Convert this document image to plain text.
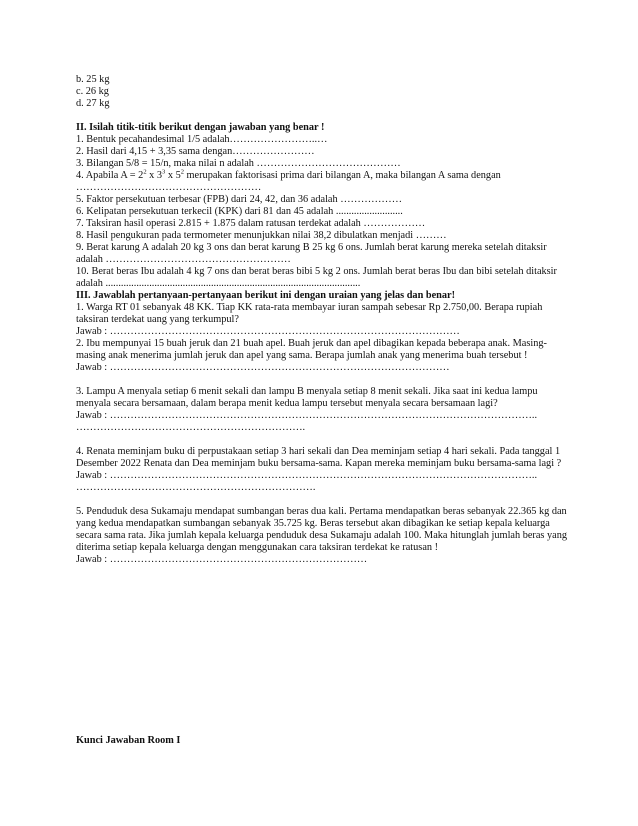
b. 25 kg
c. 26 kg
d. 27 kg
II. Isilah titik-titik berikut dengan jawaban yang benar !
1. Bentuk pecahandesimal 1/5 adalah……………………..…
2. Hasil dari 4,15 + 3,35 sama dengan……………………
3. Bilangan 5/8 = 15/n, maka nilai n adalah ……………………………………
4. Apabila $A = 2^2$ x $3^3$ x $5^2$ merupakan faktorisasi prima dari bilangan A, maka bilangan A sama dengan
………………………………………………
5. Faktor persekutuan terbesar (FPB) dari 24, 42, dan 36 adalah ………………
6. Kelipatan persekutuan terkecil (KPK) dari 81 dan 45 adalah ..........................
7. Taksiran hasil operasi 2.815 + 1.875 dalam ratusan terdekat adalah ………………
8. Hasil pengukuran pada termometer menunjukkan nilai 38,2 dibulatkan menjadi ………
9. Berat karung A adalah 20 kg 3 ons dan berat karung B 25 kg 6 ons. Jumlah berat karung mereka setelah ditaksir adalah ………………………………………………
10. Berat beras Ibu adalah 4 kg 7 ons dan berat beras bibi 5 kg 2 ons. Jumlah berat beras Ibu dan bibi setelah ditaksir adalah ...................................................................................................
III. Jawablah pertanyaan-pertanyaan berikut ini dengan uraian yang jelas dan benar!
1. Warga RT 01 sebanyak 48 KK. Tiap KK rata-rata membayar iuran sampah sebesar Rp 2.750,00. Berapa rupiah taksiran terdekat uang yang terkumpul?
Jawab : …………………………………………………………………………………………
2. Ibu mempunyai 15 buah jeruk dan 21 buah apel. Buah jeruk dan apel dibagikan kepada beberapa anak. Masing-masing anak menerima jumlah jeruk dan apel yang sama. Berapa jumlah anak yang menerima buah tersebut !
Jawab : ………………………………………………………………………………………
3. Lampu A menyala setiap 6 menit sekali dan lampu B menyala setiap 8 menit sekali. Jika saat ini kedua lampu menyala secara bersamaan, dalam berapa menit kedua lampu tersebut menyala secara bersamaan lagi?
Jawab : ……………………………………………………………………………………………………………..
………………………………………………………….
4. Renata meminjam buku di perpustakaan setiap 3 hari sekali dan Dea meminjam setiap 4 hari sekali. Pada tanggal 1 Desember 2022 Renata dan Dea meminjam buku bersama-sama. Kapan mereka meminjam buku bersama-sama lagi ?
Jawab : ……………………………………………………………………………………………………………..
…………………………………………………………….
5. Penduduk desa Sukamaju mendapat sumbangan beras dua kali. Pertama mendapatkan beras sebanyak 22.365 kg dan yang kedua mendapatkan sumbangan sebanyak 35.725 kg. Beras tersebut akan dibagikan ke setiap kepala keluarga secara sama rata. Jika jumlah kepala keluarga penduduk desa Sukamaju adalah 100. Maka hitunglah jumlah beras yang diterima setiap kepala keluarga dengan menggunakan cara taksiran terdekat ke ratusan !
Jawab : …………………………………………………………………
Kunci Jawaban Room I
